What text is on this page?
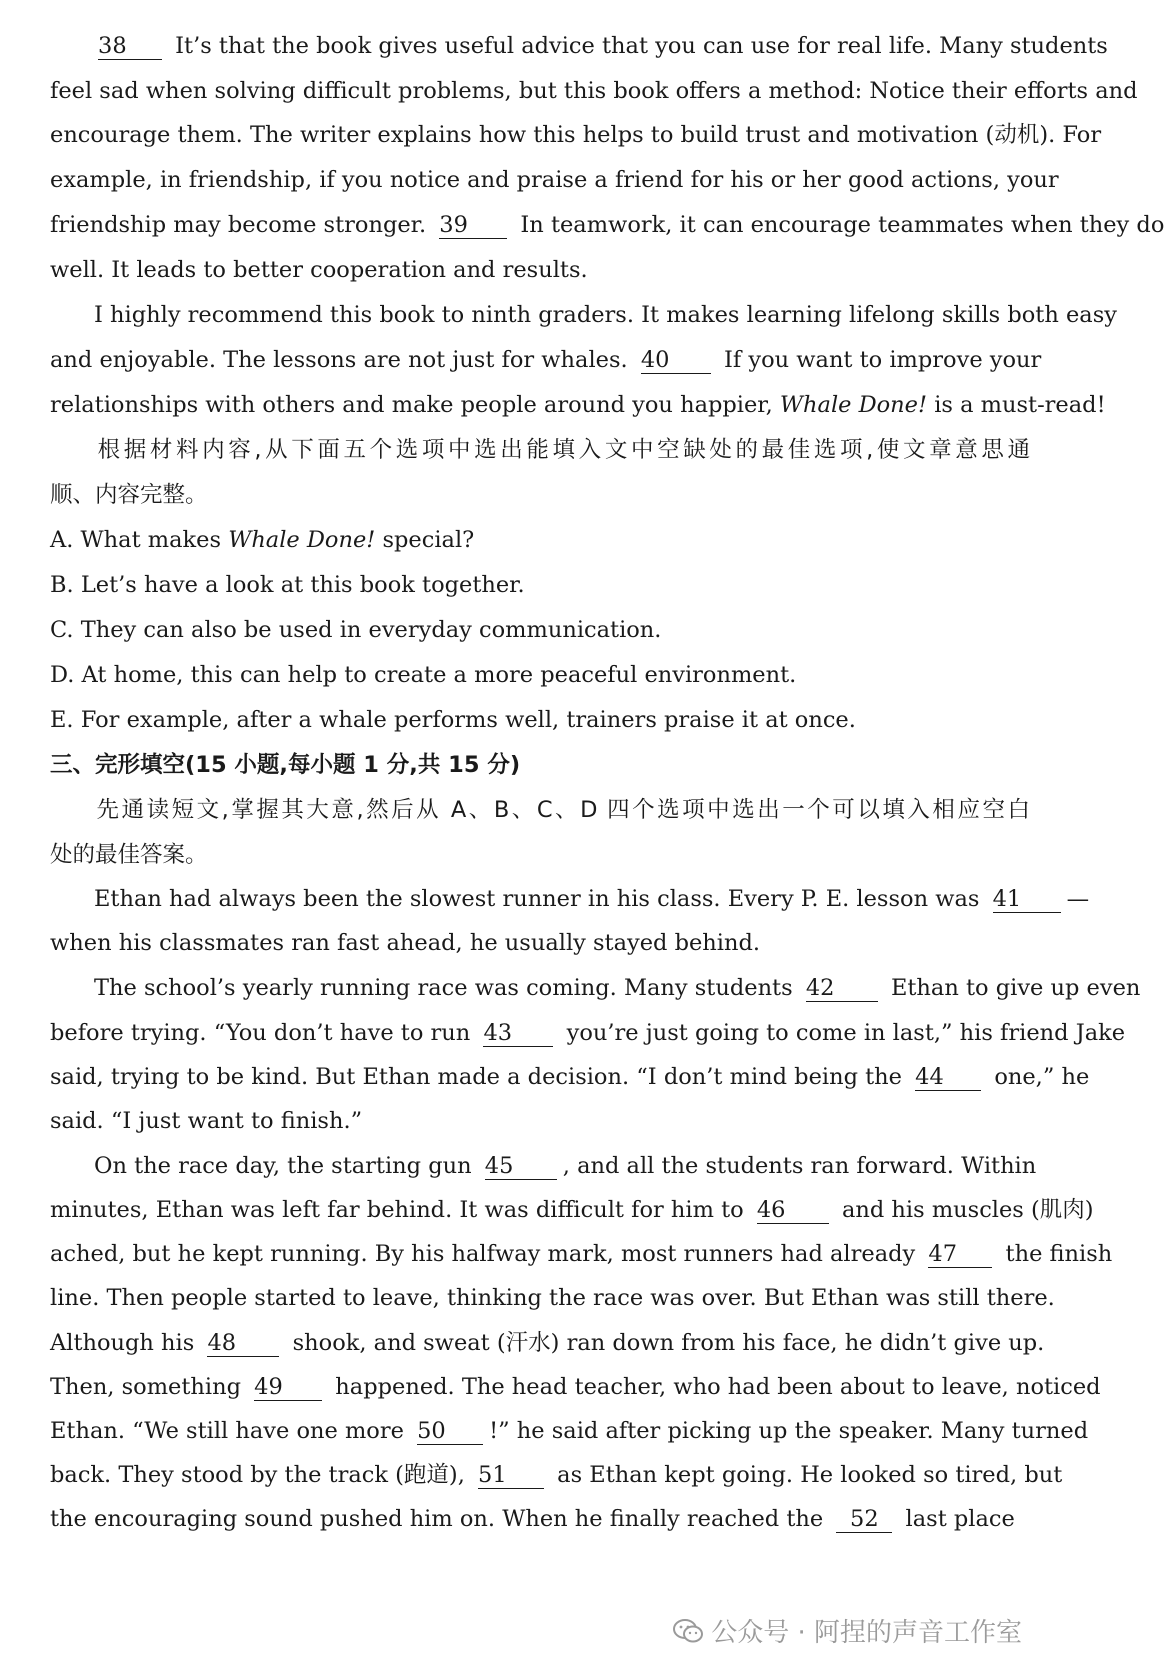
38 It’s that the book gives useful advice that you can use for real life. Many students
feel sad when solving difficult problems, but this book offers a method: Notice their efforts and
encourage them. The writer explains how this helps to build trust and motivation (动机). For
example, in friendship, if you notice and praise a friend for his or her good actions, your
friendship may become stronger. 39 In teamwork, it can encourage teammates when they do
well. It leads to better cooperation and results.
I highly recommend this book to ninth graders. It makes learning lifelong skills both easy
and enjoyable. The lessons are not just for whales. 40 If you want to improve your
relationships with others and make people around you happier, Whale Done! is a must-read!
根据材料内容,从下面五个选项中选出能填入文中空缺处的最佳选项,使文章意思通
顺、内容完整。
A. What makes Whale Done! special?
B. Let’s have a look at this book together.
C. They can also be used in everyday communication.
D. At home, this can help to create a more peaceful environment.
E. For example, after a whale performs well, trainers praise it at once.
三、完形填空(15 小题,每小题 1 分,共 15 分)
先通读短文,掌握其大意,然后从 A、B、C、D 四个选项中选出一个可以填入相应空白
处的最佳答案。
Ethan had always been the slowest runner in his class. Every P. E. lesson was 41 —
when his classmates ran fast ahead, he usually stayed behind.
The school’s yearly running race was coming. Many students 42	Ethan to give up even
before trying. “You don’t have to run 43 you’re just going to come in last,” his friend Jake
said, trying to be kind. But Ethan made a decision. “I don’t mind being the 44 one,” he
said. “I just want to finish.”
On the race day, the starting gun 45 , and all the students ran forward. Within
minutes, Ethan was left far behind. It was difficult for him to 46	and his muscles (肌肉)
ached, but he kept running. By his halfway mark, most runners had already 47 the finish
line. Then people started to leave, thinking the race was over. But Ethan was still there.
Although his 48	shook, and sweat (汗水) ran down from his face, he didn’t give up.
Then, something 49 happened. The head teacher, who had been about to leave, noticed
Ethan. “We still have one more 50 !” he said after picking up the speaker. Many turned
back. They stood by the track (跑道), 51 as Ethan kept going. He looked so tired, but
the encouraging sound pushed him on. When he finally reached the 52 last place
公众号 · 阿捏的声音工作室
